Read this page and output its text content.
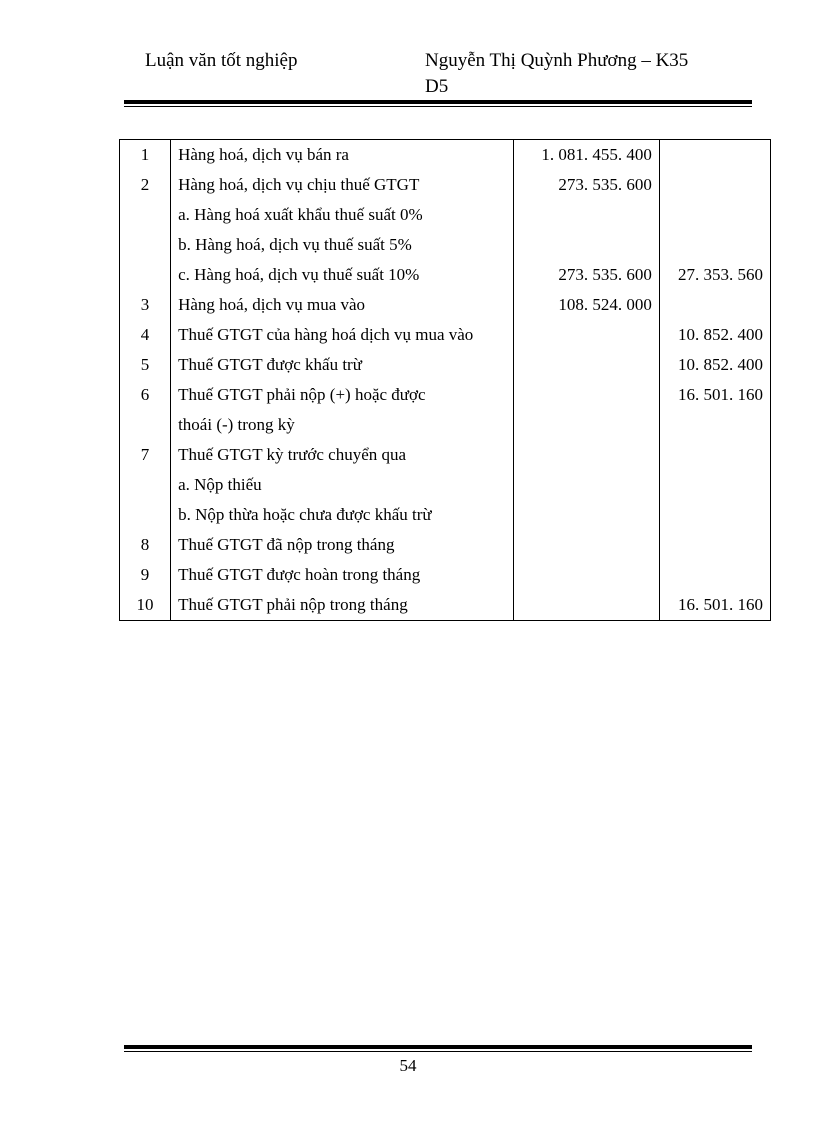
Luận văn tốt nghiệp	Nguyễn Thị Quỳnh Phương – K35
D5
1	Hàng hoá, dịch vụ bán ra	1. 081. 455. 400	
2	Hàng hoá, dịch vụ chịu thuế GTGT	273. 535. 600	
	a. Hàng hoá xuất khẩu thuế suất 0%		
	b. Hàng hoá, dịch vụ thuế suất 5%		
	c. Hàng hoá, dịch vụ thuế suất 10%	273. 535. 600	27. 353. 560
3	Hàng hoá, dịch vụ mua vào	108. 524. 000	
4	Thuế GTGT của hàng hoá dịch vụ mua vào		10. 852. 400
5	Thuế GTGT được khấu trừ		10. 852. 400
6	Thuế GTGT phải nộp (+) hoặc được		16. 501. 160
	thoái (-) trong kỳ		
7	Thuế GTGT kỳ trước chuyển qua		
	a. Nộp thiếu		
	b. Nộp thừa hoặc chưa được khấu trừ		
8	Thuế GTGT đã nộp trong tháng		
9	Thuế GTGT được hoàn trong tháng		
10	Thuế GTGT phải nộp trong tháng		16. 501. 160
54
